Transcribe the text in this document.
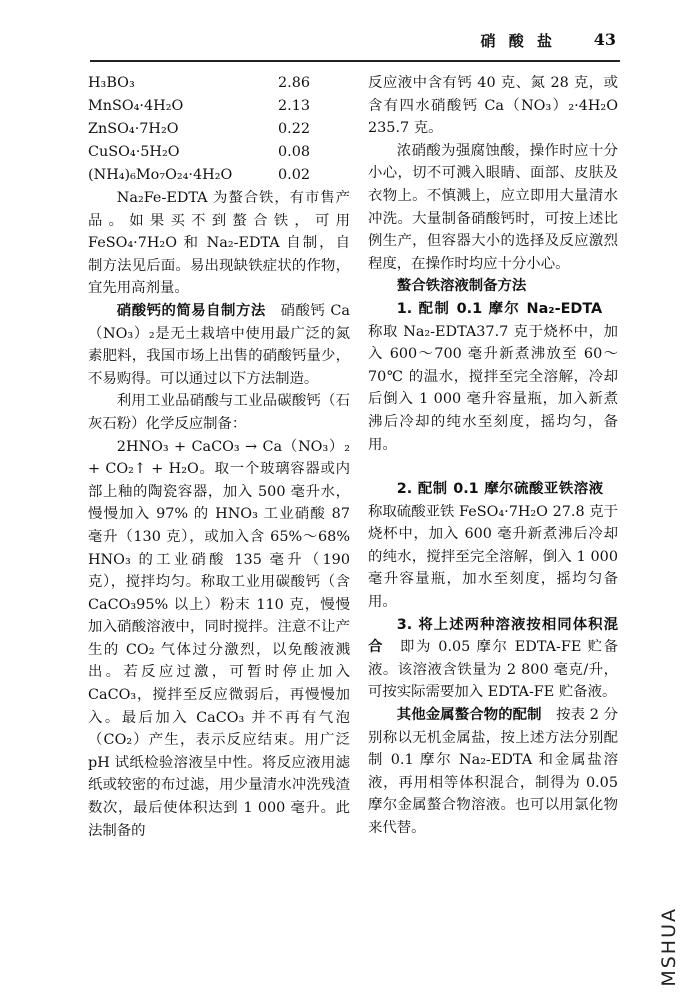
硝 酸 盐 43
H₃BO₃	2.86
MnSO₄·4H₂O	2.13
ZnSO₄·7H₂O	0.22
CuSO₄·5H₂O	0.08
(NH₄)₆Mo₇O₂₄·4H₂O	0.02

Na₂Fe-EDTA 为螯合铁，有市售产品。如果买不到螯合铁，可用 FeSO₄·7H₂O 和 Na₂-EDTA 自制，自制方法见后面。易出现缺铁症状的作物，宜先用高剂量。

硝酸钙的简易自制方法　硝酸钙 Ca（NO₃）₂是无土栽培中使用最广泛的氮素肥料，我国市场上出售的硝酸钙量少，不易购得。可以通过以下方法制造。

利用工业品硝酸与工业品碳酸钙（石灰石粉）化学反应制备：

2HNO₃ + CaCO₃ → Ca（NO₃）₂ + CO₂↑ + H₂O。取一个玻璃容器或内部上釉的陶瓷容器，加入 500 毫升水，慢慢加入 97% 的 HNO₃ 工业硝酸 87 毫升（130 克），或加入含 65%～68% HNO₃ 的工业硝酸 135 毫升（190 克），搅拌均匀。称取工业用碳酸钙（含 CaCO₃95% 以上）粉末 110 克，慢慢加入硝酸溶液中，同时搅拌。注意不让产生的 CO₂ 气体过分激烈，以免酸液溅出。若反应过激，可暂时停止加入 CaCO₃，搅拌至反应微弱后，再慢慢加入。最后加入 CaCO₃ 并不再有气泡（CO₂）产生，表示反应结束。用广泛 pH 试纸检验溶液呈中性。将反应液用滤纸或较密的布过滤，用少量清水冲洗残渣数次，最后使体积达到 1 000 毫升。此法制备的

反应液中含有钙 40 克、氮 28 克，或含有四水硝酸钙 Ca（NO₃）₂·4H₂O 235.7 克。

浓硝酸为强腐蚀酸，操作时应十分小心，切不可溅入眼睛、面部、皮肤及衣物上。不慎溅上，应立即用大量清水冲洗。大量制备硝酸钙时，可按上述比例生产，但容器大小的选择及反应激烈程度，在操作时均应十分小心。

螯合铁溶液制备方法

1. 配制 0.1 摩尔 Na₂-EDTA　称取 Na₂-EDTA37.7 克于烧杯中，加入 600～700 毫升新煮沸放至 60～70℃ 的温水，搅拌至完全溶解，冷却后倒入 1 000 毫升容量瓶，加入新煮沸后冷却的纯水至刻度，摇均匀，备用。

2. 配制 0.1 摩尔硫酸亚铁溶液　称取硫酸亚铁 FeSO₄·7H₂O 27.8 克于烧杯中，加入 600 毫升新煮沸后冷却的纯水，搅拌至完全溶解，倒入 1 000 毫升容量瓶，加水至刻度，摇均匀备用。

3. 将上述两种溶液按相同体积混合　即为 0.05 摩尔 EDTA-FE 贮备液。该溶液含铁量为 2 800 毫克/升，可按实际需要加入 EDTA-FE 贮备液。

其他金属螯合物的配制　按表 2 分别称以无机金属盐，按上述方法分别配制 0.1 摩尔 Na₂-EDTA 和金属盐溶液，再用相等体积混合，制得为 0.05 摩尔金属螯合物溶液。也可以用氯化物来代替。

MSHUA
